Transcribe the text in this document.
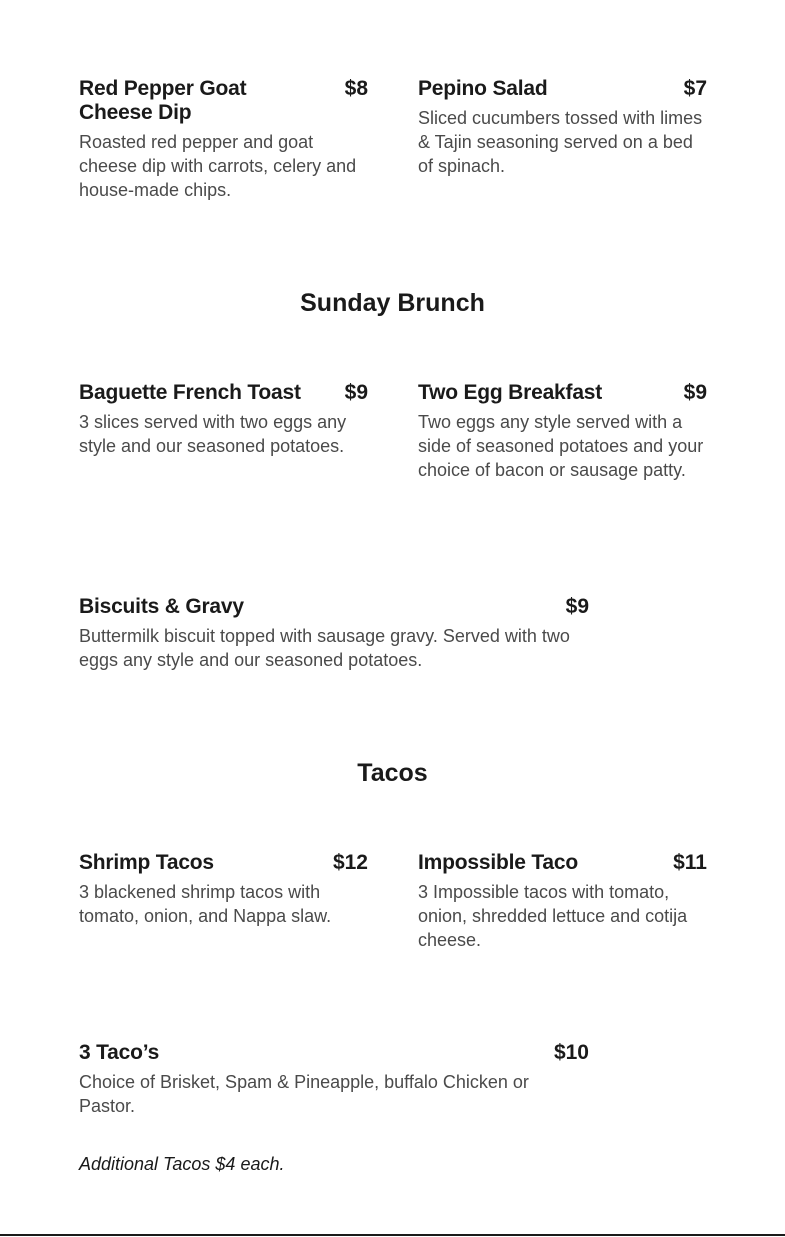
Red Pepper Goat Cheese Dip
$8
Roasted red pepper and goat cheese dip with carrots, celery and house-made chips.
Pepino Salad	$7
Sliced cucumbers tossed with limes & Tajin seasoning served on a bed of spinach.
Sunday Brunch
Baguette French Toast	$9
3 slices served with two eggs any style and our seasoned potatoes.
Two Egg Breakfast	$9
Two eggs any style served with a side of seasoned potatoes and your choice of bacon or sausage patty.
Biscuits & Gravy	$9
Buttermilk biscuit topped with sausage gravy. Served with two eggs any style and our seasoned potatoes.
Tacos
Shrimp Tacos	$12
3 blackened shrimp tacos with tomato, onion, and Nappa slaw.
Impossible Taco	$11
3 Impossible tacos with tomato, onion, shredded lettuce and cotija cheese.
3 Taco’s	$10
Choice of Brisket, Spam & Pineapple, buffalo Chicken or Pastor.
Additional Tacos $4 each.
